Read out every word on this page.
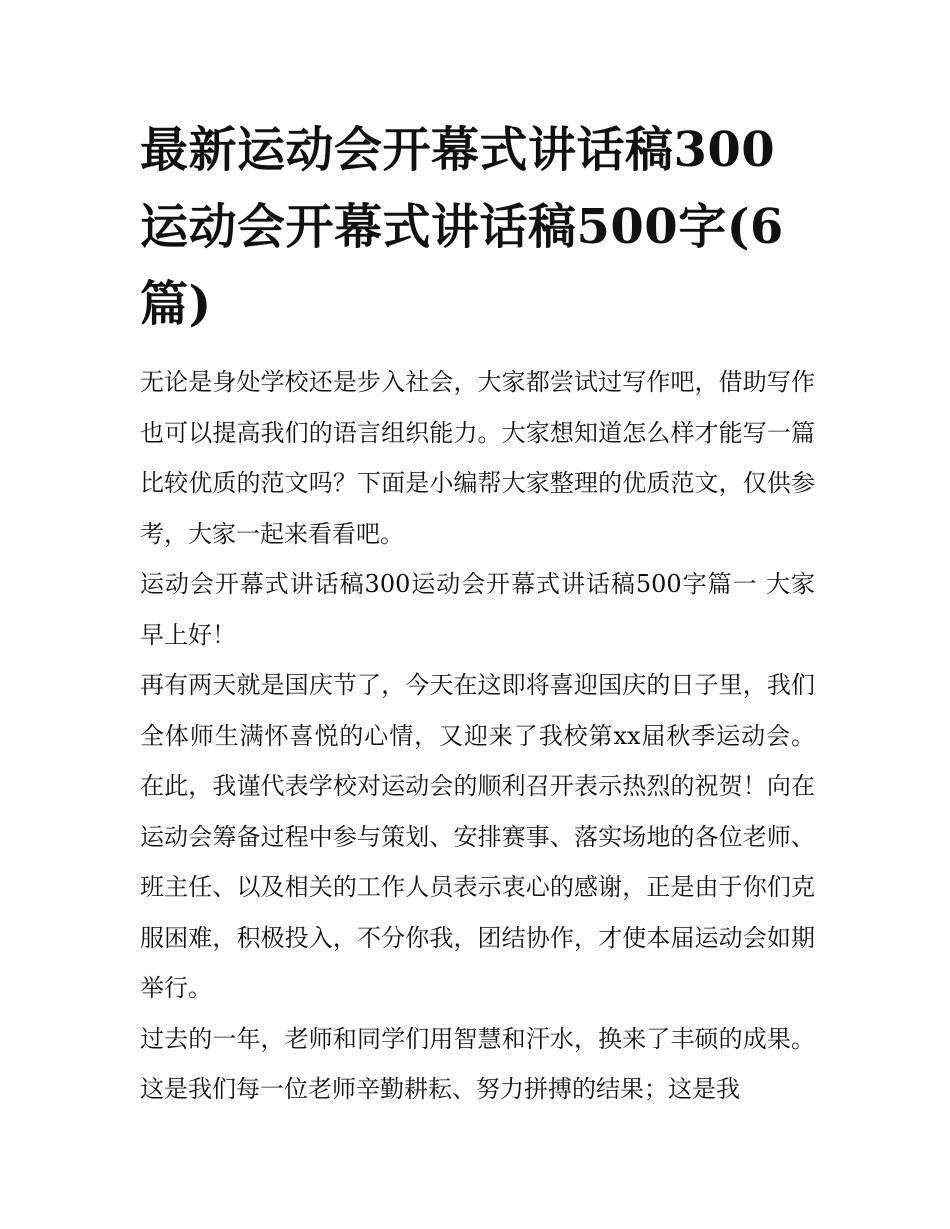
最新运动会开幕式讲话稿300运动会开幕式讲话稿500字(6篇)

无论是身处学校还是步入社会，大家都尝试过写作吧，借助写作也可以提高我们的语言组织能力。大家想知道怎么样才能写一篇比较优质的范文吗？下面是小编帮大家整理的优质范文，仅供参考，大家一起来看看吧。

运动会开幕式讲话稿300运动会开幕式讲话稿500字篇一 大家早上好！

再有两天就是国庆节了，今天在这即将喜迎国庆的日子里，我们全体师生满怀喜悦的心情，又迎来了我校第xx届秋季运动会。在此，我谨代表学校对运动会的顺利召开表示热烈的祝贺！向在运动会筹备过程中参与策划、安排赛事、落实场地的各位老师、班主任、以及相关的工作人员表示衷心的感谢，正是由于你们克服困难，积极投入，不分你我，团结协作，才使本届运动会如期举行。

过去的一年，老师和同学们用智慧和汗水，换来了丰硕的成果。这是我们每一位老师辛勤耕耘、努力拼搏的结果；这是我
